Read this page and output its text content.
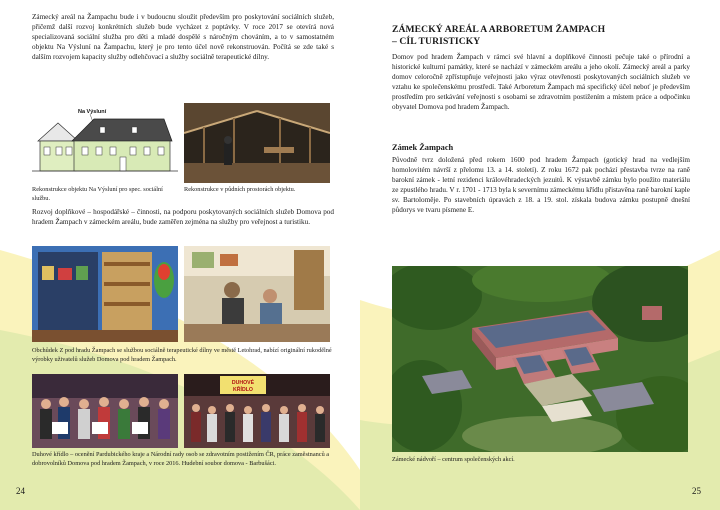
Zámecký areál na Žampachu bude i v budoucnu sloužit především pro poskytování sociálních služeb, přičemž další rozvoj konkrétních služeb bude vycházet z poptávky. V roce 2017 se otevírá nová specializovaná sociální služba pro děti a mladé dospělé s náročným chováním, a to v samostatném objektu Na Výsluní na Žampachu, který je pro tento účel nově rekonstruován. Počítá se zde také s dalším rozvojem kapacity služby odlehčovací a služby sociálně terapeutické dílny.

Na Výsluní

Rekonstrukce objektu Na Výsluní pro spec. sociální službu.

Rekonstrukce v půdních prostorách objektu.

Rozvoj doplňkové – hospodářské – činnosti, na podporu poskytovaných sociálních služeb Domova pod hradem Žampach v zámeckém areálu, bude zaměřen zejména na služby pro veřejnost a turistiku.

Obchůdek Z pod hradu Žampach se službou sociálně terapeutické dílny ve městě Letohrad, nabízí originální rukodělné výrobky uživatelů služeb Domova pod hradem Žampach.

DUHOVÉ
KŘÍDLO

Duhové křídlo – ocenění Pardubického kraje a Národní rady osob se zdravotním postižením ČR, práce zaměstnanců a dobrovolníků Domova pod hradem Žampach, v roce 2016. Hudební soubor domova - Barbušáci.

24

ZÁMECKÝ AREÁL A ARBORETUM ŽAMPACH

– CÍL TURISTICKY

Domov pod hradem Žampach v rámci své hlavní a doplňkové činnosti pečuje také o přírodní a historické kulturní památky, které se nachází v zámeckém areálu a jeho okolí. Zámecký areál a parky domov celoročně zpřístupňuje veřejnosti jako výraz otevřenosti poskytovaných sociálních služeb ve vztahu ke společenskému prostředí. Také Arboretum Žampach má specifický účel neboť je především prostředím pro setkávání veřejnosti s osobami se zdravotním postižením a místem práce a odpočinku obyvatel Domova pod hradem Žampach.

Zámek Žampach

Původně tvrz doložená před rokem 1600 pod hradem Žampach (gotický hrad na vedlejším homolovitém návrší z přelomu 13. a 14. století). Z roku 1672 pak pochází přestavba tvrze na raně barokní zámek - letní rezidenci královéhradeckých jezuitů. K výstavbě zámku bylo použito materiálu ze zpustlého hradu. V r. 1701 - 1713 byla k severnímu zámeckému křídlu přistavěna raně barokní kaple sv. Bartoloměje. Po stavebních úpravách z 18. a 19. stol. získala budova zámku postupně dnešní půdorys ve tvaru písmene E.

Zámecké nádvoří – centrum společenských akcí.

25
